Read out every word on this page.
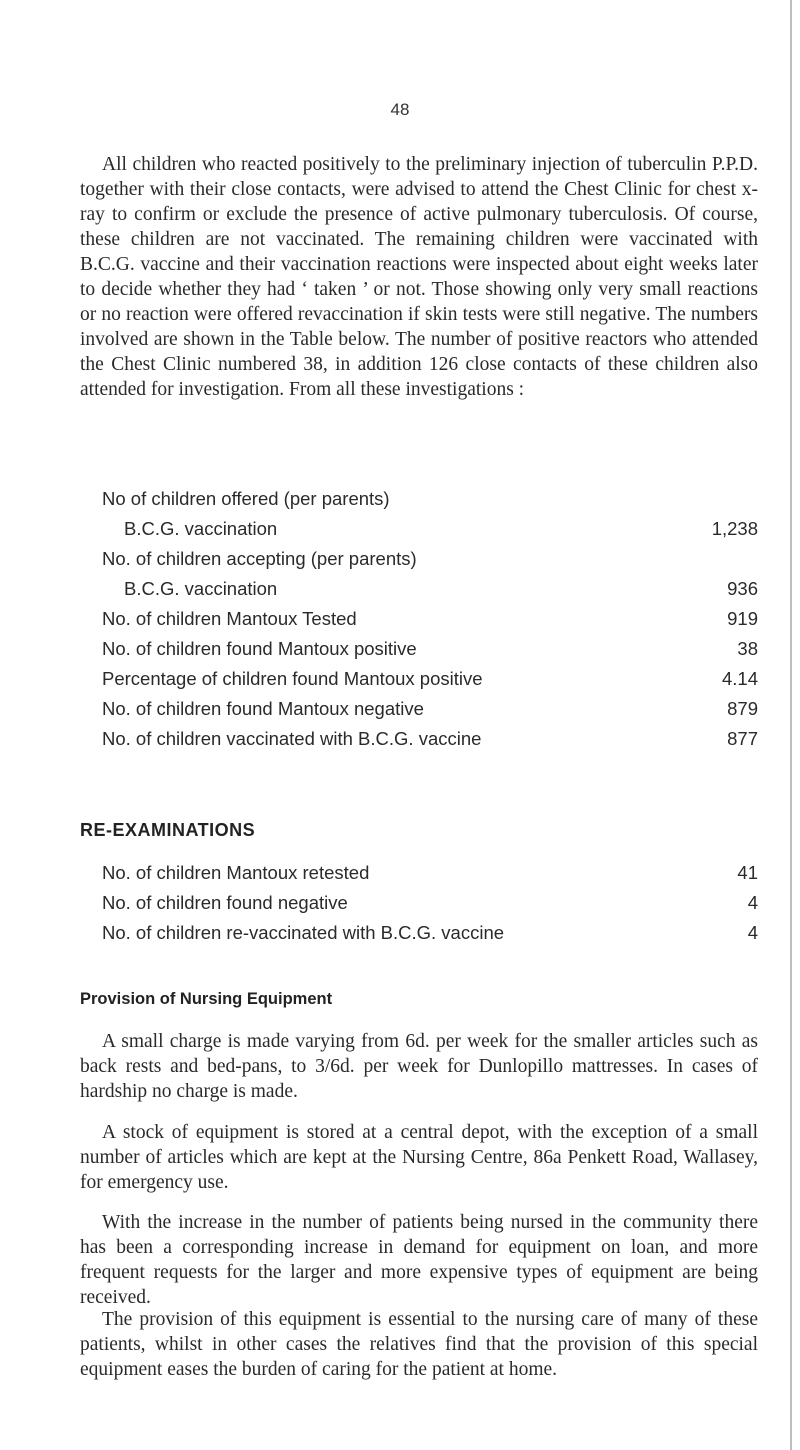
48

All children who reacted positively to the preliminary injection of tuberculin P.P.D. together with their close contacts, were advised to attend the Chest Clinic for chest x-ray to confirm or exclude the presence of active pulmonary tuberculosis. Of course, these children are not vaccinated. The remaining children were vaccinated with B.C.G. vaccine and their vaccination reactions were inspected about eight weeks later to decide whether they had ‘ taken ’ or not. Those showing only very small reactions or no reaction were offered revaccination if skin tests were still negative. The numbers involved are shown in the Table below. The number of positive reactors who attended the Chest Clinic numbered 38, in addition 126 close contacts of these children also attended for investigation. From all these investigations :

No of children offered (per parents)
B.C.G. vaccination	1,238
No. of children accepting (per parents)
B.C.G. vaccination	936
No. of children Mantoux Tested	919
No. of children found Mantoux positive	38
Percentage of children found Mantoux positive	4.14
No. of children found Mantoux negative	879
No. of children vaccinated with B.C.G. vaccine	877
RE-EXAMINATIONS
No. of children Mantoux retested	41
No. of children found negative	4
No. of children re-vaccinated with B.C.G. vaccine	4
Provision of Nursing Equipment

A small charge is made varying from 6d. per week for the smaller articles such as back rests and bed-pans, to 3/6d. per week for Dunlopillo mattresses. In cases of hardship no charge is made.

A stock of equipment is stored at a central depot, with the exception of a small number of articles which are kept at the Nursing Centre, 86a Penkett Road, Wallasey, for emergency use.

With the increase in the number of patients being nursed in the community there has been a corresponding increase in demand for equipment on loan, and more frequent requests for the larger and more expensive types of equipment are being received.

The provision of this equipment is essential to the nursing care of many of these patients, whilst in other cases the relatives find that the provision of this special equipment eases the burden of caring for the patient at home.
